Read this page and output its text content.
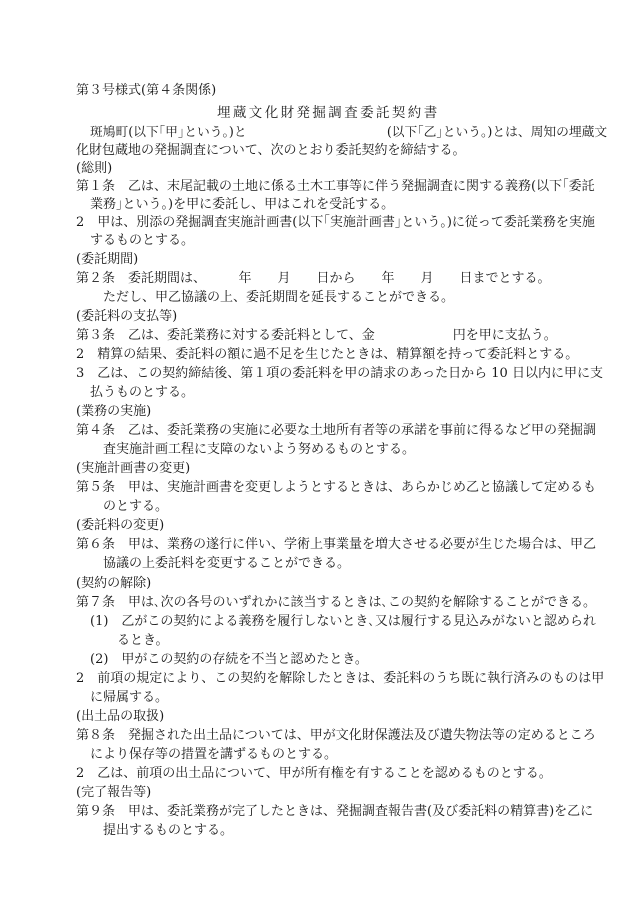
第３号様式(第４条関係)
埋蔵文化財発掘調査委託契約書
斑鳩町(以下｢甲｣という。)と　　　　　　　　　　　(以下｢乙｣という。)とは、周知の埋蔵文
化財包蔵地の発掘調査について、次のとおり委託契約を締結する。
(総則)
第１条　乙は、末尾記載の土地に係る土木工事等に伴う発掘調査に関する義務(以下｢委託
業務｣という。)を甲に委託し、甲はこれを受託する。
2　甲は、別添の発掘調査実施計画書(以下｢実施計画書｣という。)に従って委託業務を実施
するものとする。
(委託期間)
第２条　委託期間は、　　　年　　月　　日から　　年　　月　　日までとする。
ただし、甲乙協議の上、委託期間を延長することができる。
(委託料の支払等)
第３条　乙は、委託業務に対する委託料として、金　　　　　　円を甲に支払う。
2　精算の結果、委託料の額に過不足を生じたときは、精算額を持って委託料とする。
3　乙は、この契約締結後、第１項の委託料を甲の請求のあった日から 10 日以内に甲に支
払うものとする。
(業務の実施)
第４条　乙は、委託業務の実施に必要な土地所有者等の承諾を事前に得るなど甲の発掘調
査実施計画工程に支障のないよう努めるものとする。
(実施計画書の変更)
第５条　甲は、実施計画書を変更しようとするときは、あらかじめ乙と協議して定めるも
のとする。
(委託料の変更)
第６条　甲は、業務の遂行に伴い、学術上事業量を増大させる必要が生じた場合は、甲乙
協議の上委託料を変更することができる。
(契約の解除)
第７条　甲は､次の各号のいずれかに該当するときは､この契約を解除することができる。
(1)　乙がこの契約による義務を履行しないとき､又は履行する見込みがないと認められ
るとき。
(2)　甲がこの契約の存続を不当と認めたとき。
2　前項の規定により、この契約を解除したときは、委託料のうち既に執行済みのものは甲
に帰属する。
(出土品の取扱)
第８条　発掘された出土品については、甲が文化財保護法及び遺失物法等の定めるところ
により保存等の措置を講ずるものとする。
2　乙は、前項の出土品について、甲が所有権を有することを認めるものとする。
(完了報告等)
第９条　甲は、委託業務が完了したときは、発掘調査報告書(及び委託料の精算書)を乙に
提出するものとする。
